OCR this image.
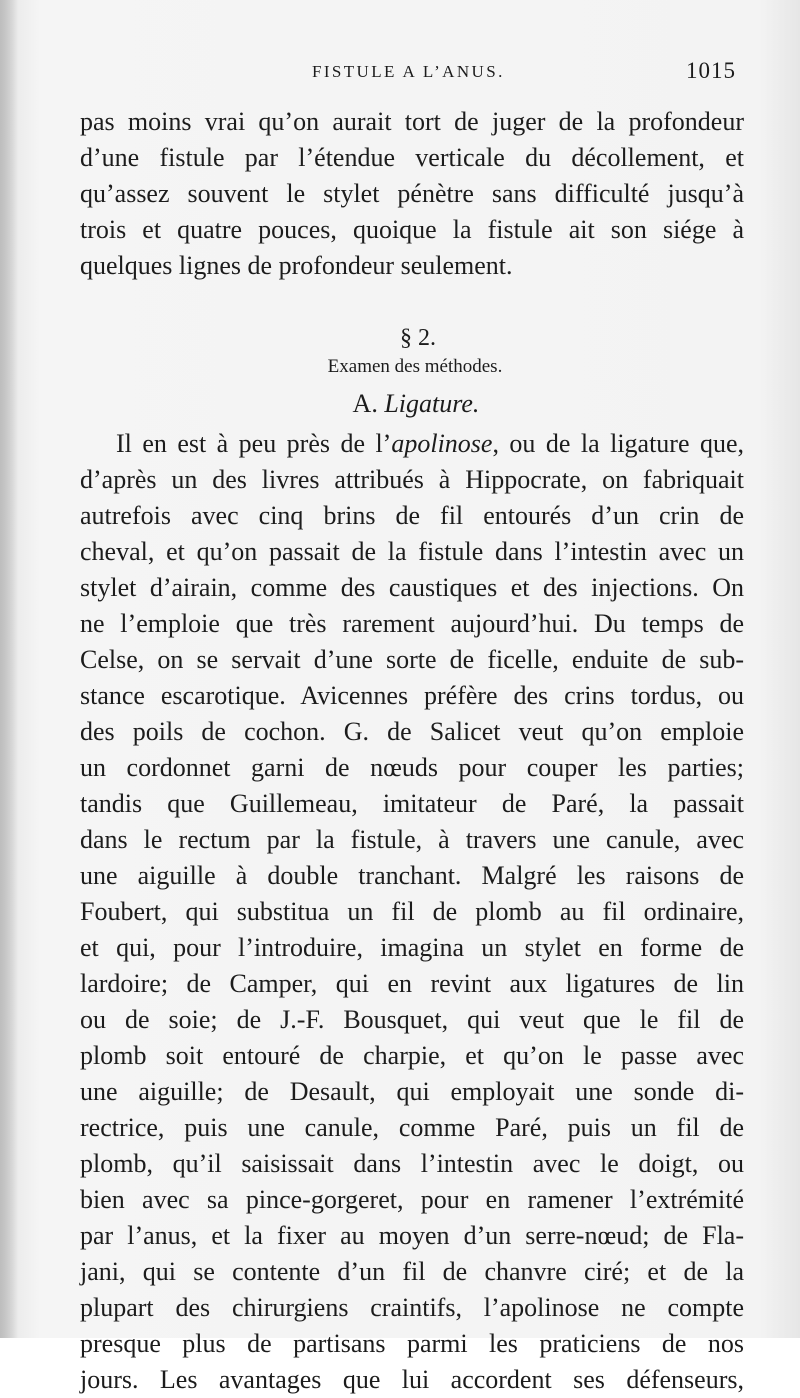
FISTULE A L’ANUS.	1015
pas moins vrai qu’on aurait tort de juger de la profondeur
d’une fistule par l’étendue verticale du décollement, et
qu’assez souvent le stylet pénètre sans difficulté jusqu’à
trois et quatre pouces, quoique la fistule ait son siége à
quelques lignes de profondeur seulement.
§ 2.
Examen des méthodes.
A. Ligature.
Il en est à peu près de l’apolinose, ou de la ligature que,
d’après un des livres attribués à Hippocrate, on fabriquait
autrefois avec cinq brins de fil entourés d’un crin de
cheval, et qu’on passait de la fistule dans l’intestin avec un
stylet d’airain, comme des caustiques et des injections. On
ne l’emploie que très rarement aujourd’hui. Du temps de
Celse, on se servait d’une sorte de ficelle, enduite de sub-
stance escarotique. Avicennes préfère des crins tordus, ou
des poils de cochon. G. de Salicet veut qu’on emploie
un cordonnet garni de nœuds pour couper les parties;
tandis que Guillemeau, imitateur de Paré, la passait
dans le rectum par la fistule, à travers une canule, avec
une aiguille à double tranchant. Malgré les raisons de
Foubert, qui substitua un fil de plomb au fil ordinaire,
et qui, pour l’introduire, imagina un stylet en forme de
lardoire; de Camper, qui en revint aux ligatures de lin
ou de soie; de J.-F. Bousquet, qui veut que le fil de
plomb soit entouré de charpie, et qu’on le passe avec
une aiguille; de Desault, qui employait une sonde di-
rectrice, puis une canule, comme Paré, puis un fil de
plomb, qu’il saisissait dans l’intestin avec le doigt, ou
bien avec sa pince-gorgeret, pour en ramener l’extrémité
par l’anus, et la fixer au moyen d’un serre-nœud; de Fla-
jani, qui se contente d’un fil de chanvre ciré; et de la
plupart des chirurgiens craintifs, l’apolinose ne compte
presque plus de partisans parmi les praticiens de nos
jours. Les avantages que lui accordent ses défenseurs,
